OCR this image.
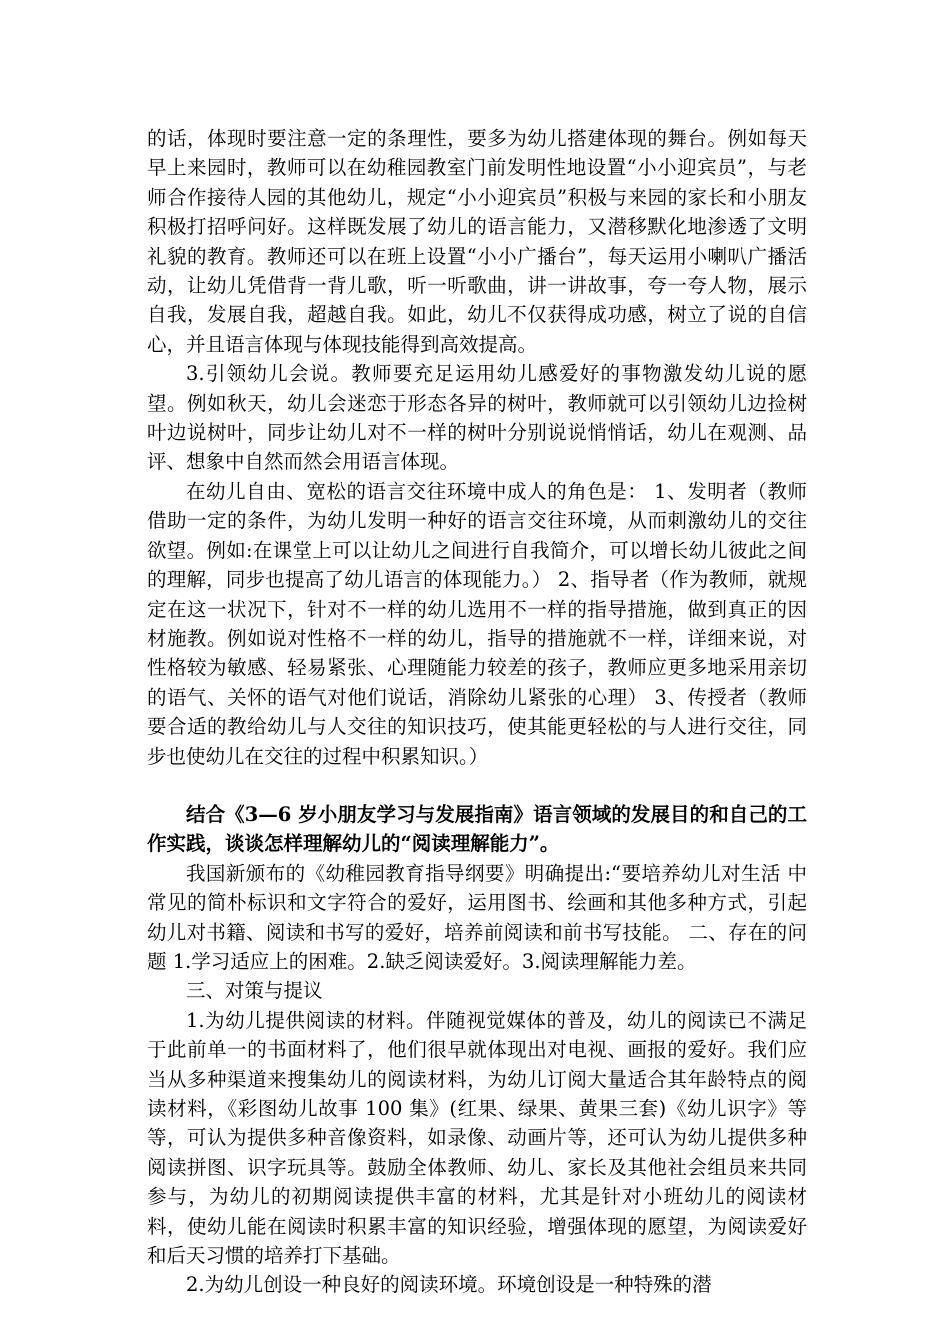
的话，体现时要注意一定的条理性，要多为幼儿搭建体现的舞台。例如每天早上来园时，教师可以在幼稚园教室门前发明性地设置“小小迎宾员”，与老师合作接待人园的其他幼儿，规定“小小迎宾员”积极与来园的家长和小朋友积极打招呼问好。这样既发展了幼儿的语言能力，又潜移默化地渗透了文明礼貌的教育。教师还可以在班上设置“小小广播台”，每天运用小喇叭广播活动，让幼儿凭借背一背儿歌，听一听歌曲，讲一讲故事，夸一夸人物，展示自我，发展自我，超越自我。如此，幼儿不仅获得成功感，树立了说的自信心，并且语言体现与体现技能得到高效提高。

3.引领幼儿会说。教师要充足运用幼儿感爱好的事物激发幼儿说的愿望。例如秋天，幼儿会迷恋于形态各异的树叶，教师就可以引领幼儿边捡树叶边说树叶，同步让幼儿对不一样的树叶分别说说悄悄话，幼儿在观测、品评、想象中自然而然会用语言体现。

在幼儿自由、宽松的语言交往环境中成人的角色是： 1、发明者（教师借助一定的条件，为幼儿发明一种好的语言交往环境，从而刺激幼儿的交往欲望。例如:在课堂上可以让幼儿之间进行自我简介，可以增长幼儿彼此之间的理解，同步也提高了幼儿语言的体现能力。） 2、指导者（作为教师，就规定在这一状况下，针对不一样的幼儿选用不一样的指导措施，做到真正的因材施教。例如说对性格不一样的幼儿，指导的措施就不一样，详细来说，对性格较为敏感、轻易紧张、心理随能力较差的孩子，教师应更多地采用亲切的语气、关怀的语气对他们说话，消除幼儿紧张的心理） 3、传授者（教师要合适的教给幼儿与人交往的知识技巧，使其能更轻松的与人进行交往，同步也使幼儿在交往的过程中积累知识。）

结合《3—6 岁小朋友学习与发展指南》语言领域的发展目的和自己的工作实践，谈谈怎样理解幼儿的“阅读理解能力”。

我国新颁布的《幼稚园教育指导纲要》明确提出:“要培养幼儿对生活 中常见的简朴标识和文字符合的爱好，运用图书、绘画和其他多种方式，引起幼儿对书籍、阅读和书写的爱好，培养前阅读和前书写技能。 二、存在的问题 1.学习适应上的困难。2.缺乏阅读爱好。3.阅读理解能力差。

三、对策与提议

1.为幼儿提供阅读的材料。伴随视觉媒体的普及，幼儿的阅读已不满足于此前单一的书面材料了，他们很早就体现出对电视、画报的爱好。我们应当从多种渠道来搜集幼儿的阅读材料，为幼儿订阅大量适合其年龄特点的阅读材料，《彩图幼儿故事 100 集》(红果、绿果、黄果三套)《幼儿识字》等等，可认为提供多种音像资料，如录像、动画片等，还可认为幼儿提供多种阅读拼图、识字玩具等。鼓励全体教师、幼儿、家长及其他社会组员来共同参与，为幼儿的初期阅读提供丰富的材料，尤其是针对小班幼儿的阅读材料，使幼儿能在阅读时积累丰富的知识经验，增强体现的愿望，为阅读爱好和后天习惯的培养打下基础。

2.为幼儿创设一种良好的阅读环境。环境创设是一种特殊的潜
